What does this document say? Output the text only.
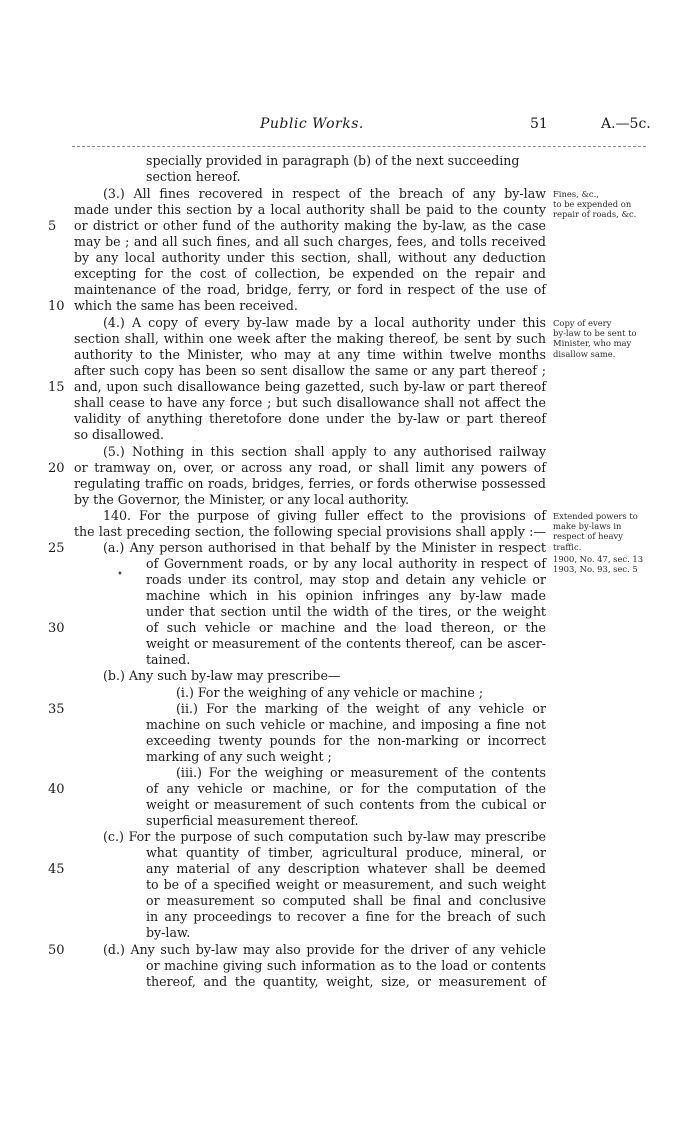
Public Works.	51	A.—5c.
specially provided in paragraph (b) of the next succeeding
section hereof.
(3.) All fines recovered in respect of the breach of any by-law
made under this section by a local authority shall be paid to the county
or district or other fund of the authority making the by-law, as the case
may be ; and all such fines, and all such charges, fees, and tolls received
by any local authority under this section, shall, without any deduction
excepting for the cost of collection, be expended on the repair and
maintenance of the road, bridge, ferry, or ford in respect of the use of
which the same has been received.
(4.) A copy of every by-law made by a local authority under this
section shall, within one week after the making thereof, be sent by such
authority to the Minister, who may at any time within twelve months
after such copy has been so sent disallow the same or any part thereof ;
and, upon such disallowance being gazetted, such by-law or part thereof
shall cease to have any force ; but such disallowance shall not affect the
validity of anything theretofore done under the by-law or part thereof
so disallowed.
(5.) Nothing in this section shall apply to any authorised railway
or tramway on, over, or across any road, or shall limit any powers of
regulating traffic on roads, bridges, ferries, or fords otherwise possessed
by the Governor, the Minister, or any local authority.
140. For the purpose of giving fuller effect to the provisions of
the last preceding section, the following special provisions shall apply :—
(a.) Any person authorised in that behalf by the Minister in respect
of Government roads, or by any local authority in respect of
roads under its control, may stop and detain any vehicle or
machine which in his opinion infringes any by-law made
under that section until the width of the tires, or the weight
of such vehicle or machine and the load thereon, or the
weight or measurement of the contents thereof, can be ascer-
tained.
(b.) Any such by-law may prescribe—
(i.) For the weighing of any vehicle or machine ;
(ii.) For the marking of the weight of any vehicle or
machine on such vehicle or machine, and imposing a fine not
exceeding twenty pounds for the non-marking or incorrect
marking of any such weight ;
(iii.) For the weighing or measurement of the contents
of any vehicle or machine, or for the computation of the
weight or measurement of such contents from the cubical or
superficial measurement thereof.
(c.) For the purpose of such computation such by-law may prescribe
what quantity of timber, agricultural produce, mineral, or
any material of any description whatever shall be deemed
to be of a specified weight or measurement, and such weight
or measurement so computed shall be final and conclusive
in any proceedings to recover a fine for the breach of such
by-law.
(d.) Any such by-law may also provide for the driver of any vehicle
or machine giving such information as to the load or contents
thereof, and the quantity, weight, size, or measurement of
•
5
10
15
20
25
30
35
40
45
50
Fines, &c.,
to be expended on
repair of roads, &c.
Copy of every
by-law to be sent to
Minister, who may
disallow same.
Extended powers to
make by-laws in
respect of heavy
traffic.
1900, No. 47, sec. 13
1903, No. 93, sec. 5
